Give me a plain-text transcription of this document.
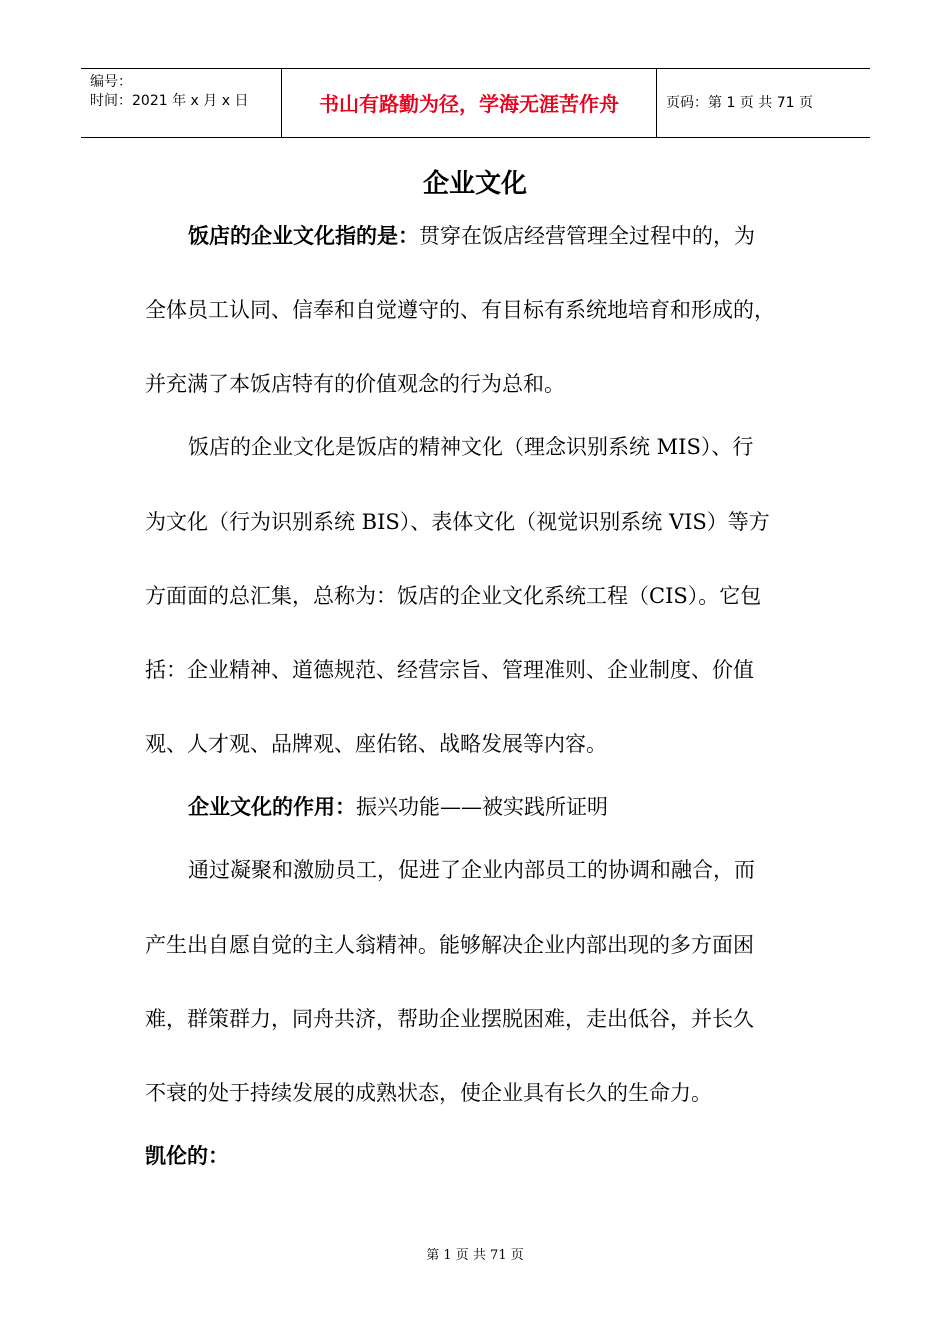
编号：
时间：2021 年 x 月 x 日	书山有路勤为径，学海无涯苦作舟	页码：第 1 页 共 71 页
企业文化
饭店的企业文化指的是：贯穿在饭店经营管理全过程中的，为
全体员工认同、信奉和自觉遵守的、有目标有系统地培育和形成的，
并充满了本饭店特有的价值观念的行为总和。
饭店的企业文化是饭店的精神文化（理念识别系统 MIS）、行
为文化（行为识别系统 BIS）、表体文化（视觉识别系统 VIS）等方
方面面的总汇集，总称为：饭店的企业文化系统工程（CIS）。它包
括：企业精神、道德规范、经营宗旨、管理准则、企业制度、价值
观、人才观、品牌观、座佑铭、战略发展等内容。
企业文化的作用：振兴功能——被实践所证明
通过凝聚和激励员工，促进了企业内部员工的协调和融合，而
产生出自愿自觉的主人翁精神。能够解决企业内部出现的多方面困
难，群策群力，同舟共济，帮助企业摆脱困难，走出低谷，并长久
不衰的处于持续发展的成熟状态，使企业具有长久的生命力。
凯伦的：
第 1 页 共 71 页
